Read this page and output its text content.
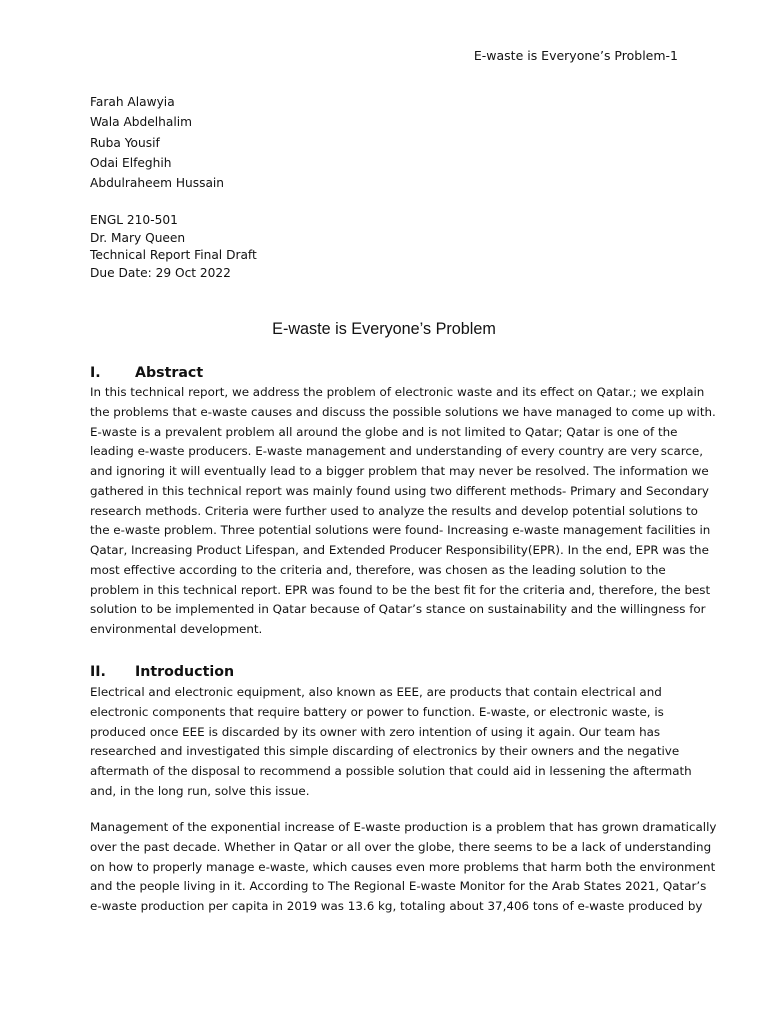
E-waste is Everyone’s Problem-1
Farah Alawyia
Wala Abdelhalim
Ruba Yousif
Odai Elfeghih
Abdulraheem Hussain
ENGL 210-501
Dr. Mary Queen
Technical Report Final Draft
Due Date: 29 Oct 2022
E-waste is Everyone’s Problem
I. Abstract
In this technical report, we address the problem of electronic waste and its effect on Qatar.; we explain
the problems that e-waste causes and discuss the possible solutions we have managed to come up with.
E-waste is a prevalent problem all around the globe and is not limited to Qatar; Qatar is one of the
leading e-waste producers. E-waste management and understanding of every country are very scarce,
and ignoring it will eventually lead to a bigger problem that may never be resolved. The information we
gathered in this technical report was mainly found using two different methods- Primary and Secondary
research methods. Criteria were further used to analyze the results and develop potential solutions to
the e-waste problem. Three potential solutions were found- Increasing e-waste management facilities in
Qatar, Increasing Product Lifespan, and Extended Producer Responsibility(EPR). In the end, EPR was the
most effective according to the criteria and, therefore, was chosen as the leading solution to the
problem in this technical report. EPR was found to be the best fit for the criteria and, therefore, the best
solution to be implemented in Qatar because of Qatar’s stance on sustainability and the willingness for
environmental development.
II. Introduction
Electrical and electronic equipment, also known as EEE, are products that contain electrical and
electronic components that require battery or power to function. E-waste, or electronic waste, is
produced once EEE is discarded by its owner with zero intention of using it again. Our team has
researched and investigated this simple discarding of electronics by their owners and the negative
aftermath of the disposal to recommend a possible solution that could aid in lessening the aftermath
and, in the long run, solve this issue.
Management of the exponential increase of E-waste production is a problem that has grown dramatically
over the past decade. Whether in Qatar or all over the globe, there seems to be a lack of understanding
on how to properly manage e-waste, which causes even more problems that harm both the environment
and the people living in it. According to The Regional E-waste Monitor for the Arab States 2021, Qatar’s
e-waste production per capita in 2019 was 13.6 kg, totaling about 37,406 tons of e-waste produced by
